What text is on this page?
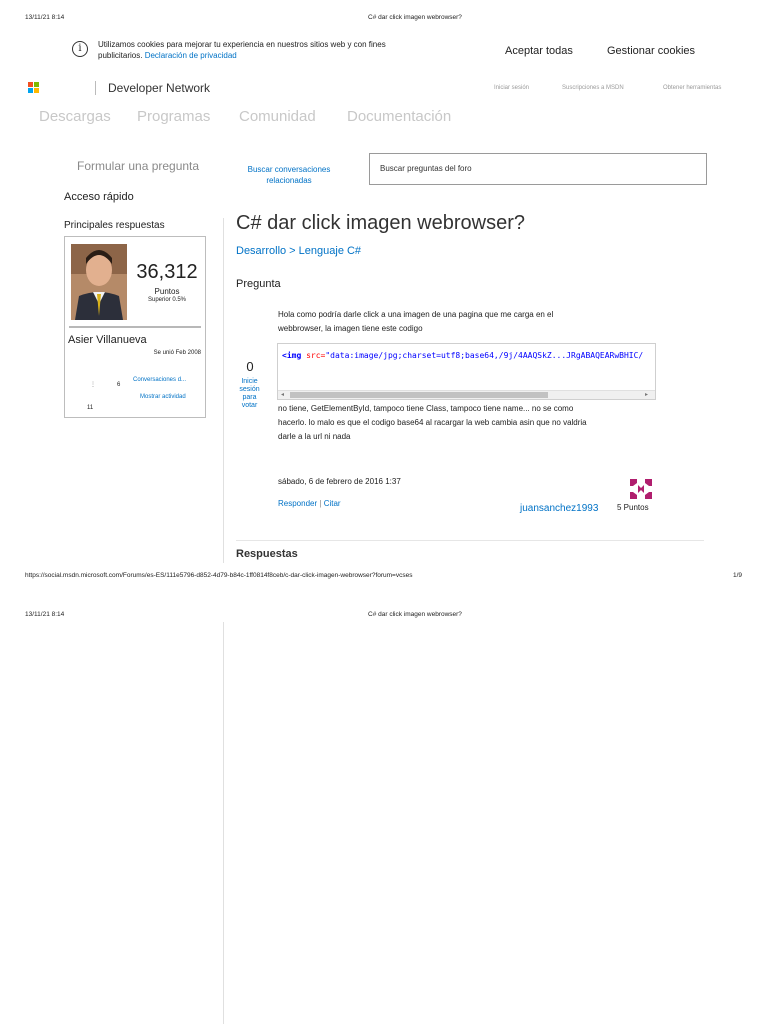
13/11/21 8:14	C# dar click imagen webrowser?
i	Utilizamos cookies para mejorar tu experiencia en nuestros sitios web y con fines
publicitarios. Declaración de privacidad	Aceptar todas	Gestionar cookies
Developer Network	Iniciar sesión	Suscripciones a MSDN	Obtener herramientas
Descargas Programas Comunidad Documentación
Formular una pregunta	Buscar conversaciones
relacionadas
Buscar preguntas del foro
Acceso rápido
Principales respuestas
36,312
Puntos
Superior 0.5%
Asier Villanueva
Se unió Feb 2008
⋮	6
Conversaciones d...
Mostrar actividad
11
C# dar click imagen webrowser?
Desarrollo > Lenguaje C#
Pregunta
Hola como podría darle click a una imagen de una pagina que me carga en el
webbrowser, la imagen tiene este codigo
0
Inicie
sesión
para
votar
<img src="data:image/jpg;charset=utf8;base64,/9j/4AAQSkZ...JRgABAQEARwBHIC/
◂	▸
no tiene, GetElementById, tampoco tiene Class, tampoco tiene name... no se como
hacerlo. lo malo es que el codigo base64 al racargar la web cambia asin que no valdria
darle a la url ni nada
sábado, 6 de febrero de 2016 1:37
Responder | Citar	juansanchez1993 5 Puntos
Respuestas
https://social.msdn.microsoft.com/Forums/es-ES/111e5796-d852-4d79-b84c-1ff0814f8ceb/c-dar-click-imagen-webrowser?forum=vcses	1/9
13/11/21 8:14	C# dar click imagen webrowser?
